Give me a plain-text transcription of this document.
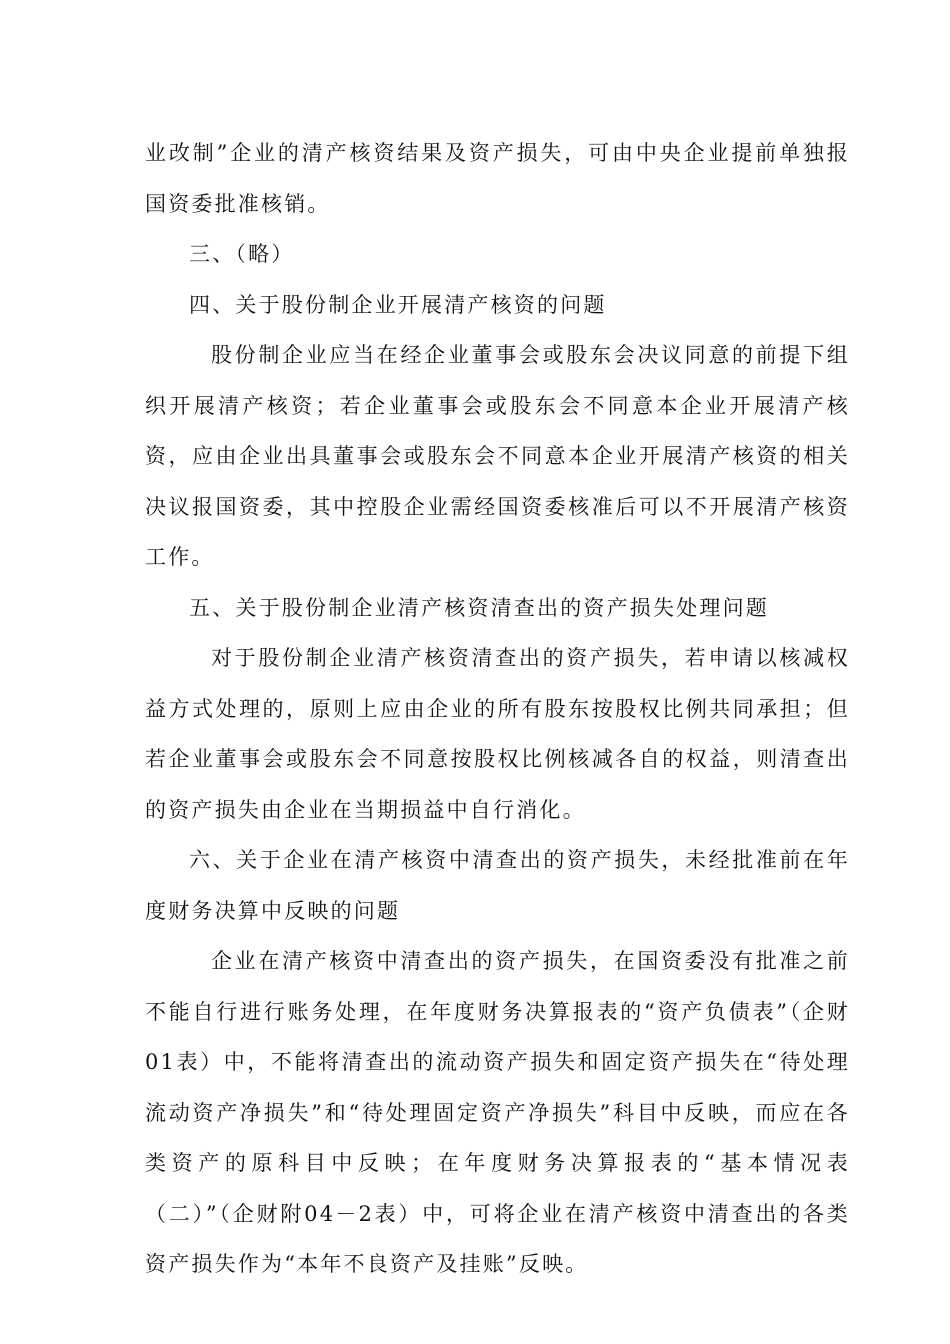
业改制”企业的清产核资结果及资产损失，可由中央企业提前单独报国资委批准核销。

三、（略）

四、关于股份制企业开展清产核资的问题

股份制企业应当在经企业董事会或股东会决议同意的前提下组织开展清产核资；若企业董事会或股东会不同意本企业开展清产核资，应由企业出具董事会或股东会不同意本企业开展清产核资的相关决议报国资委，其中控股企业需经国资委核准后可以不开展清产核资工作。

五、关于股份制企业清产核资清查出的资产损失处理问题

对于股份制企业清产核资清查出的资产损失，若申请以核减权益方式处理的，原则上应由企业的所有股东按股权比例共同承担；但若企业董事会或股东会不同意按股权比例核减各自的权益，则清查出的资产损失由企业在当期损益中自行消化。

六、关于企业在清产核资中清查出的资产损失，未经批准前在年度财务决算中反映的问题

企业在清产核资中清查出的资产损失，在国资委没有批准之前不能自行进行账务处理，在年度财务决算报表的“资产负债表”（企财01表）中，不能将清查出的流动资产损失和固定资产损失在“待处理流动资产净损失”和“待处理固定资产净损失”科目中反映，而应在各类资产的原科目中反映；在年度财务决算报表的“基本情况表（二）”（企财附04－2表）中，可将企业在清产核资中清查出的各类资产损失作为“本年不良资产及挂账”反映。
